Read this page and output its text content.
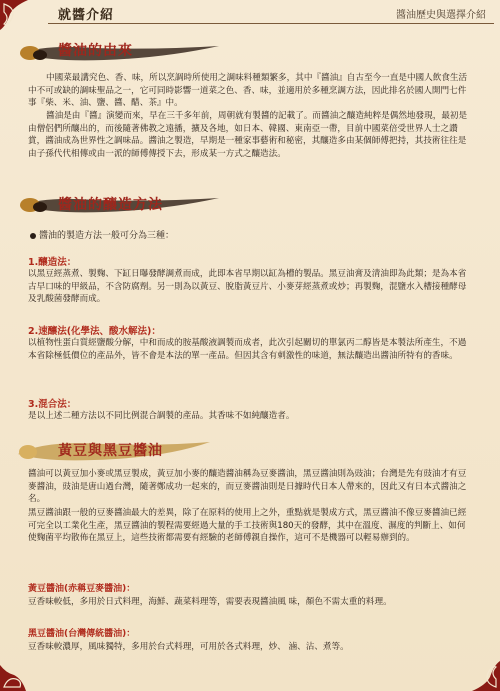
就醬介紹	醬油歷史與選擇介紹
醬油的由來

中國菜最講究色、香、味，所以烹調時所使用之調味料種類繁多，其中『醬油』自古至今一直是中國人飲食生活中不可或缺的調味聖品之一，它可同時影響一道菜之色、香、味，並適用於多種烹調方法，因此排名於國人開門七件事『柴、米、油、鹽、醬、醋、茶』中。

醬油是由『醬』演變而來，早在三千多年前，周朝就有製醬的記載了。而醬油之釀造純粹是偶然地發現，最初是由僧侶們所釀出的，而後隨著佛教之遠播，擴及各地，如日本、韓國、東南亞一帶，目前中國菜倍受世界人士之讚賞，醬油成為世界性之調味品。醬油之製造，早期是一種家事藝術和秘密，其釀造多由某個師傅把持，其技術往往是由子孫代代相傳或由一派的師傅傳授下去，形成某一方式之釀造法。

醬油的釀造方法
醬油的製造方法一般可分為三種：
1.釀造法：

以黑豆經蒸煮、製麴、下缸日曝發酵調煮而成，此即本省早期以缸為槽的製品。黑豆油膏及清油即為此類；是為本省古早口味的甲級品，不含防腐劑。另一則為以黃豆、脫脂黃豆片、小麥芽經蒸煮或炒；再製麴，混鹽水入槽接種酵母及乳酸菌發酵而成。

2.速釀法(化學法、酸水解法)：

以植物性蛋白質經鹽酸分解，中和而成的胺基酸液調製而成者，此次引起關切的單氯丙二醇皆是本製法所產生，不過本省除極低價位的產品外，皆不會是本法的單一產品。但因其含有刺激性的味道，無法釀造出醬油所特有的香味。

3.混合法：

是以上述二種方法以不同比例混合調製的產品。其香味不如純釀造者。

黃豆與黑豆醬油

醬油可以黃豆加小麥或黑豆製成，黃豆加小麥的釀造醬油稱為豆麥醬油，黑豆醬油則為豉油；台灣是先有豉油才有豆麥醬油，豉油是唐山過台灣，隨著鄭成功一起來的，而豆麥醬油則是日據時代日本人帶來的，因此又有日本式醬油之名。

黑豆醬油跟一般的豆麥醬油最大的差異，除了在原料的使用上之外，重點就是製成方式，黑豆醬油不像豆麥醬油已經可完全以工業化生產，黑豆醬油的製程需要經過大量的手工技術與180天的發酵，其中在溫度、濕度的判斷上、如何使麴菌平均散佈在黑豆上，這些技術都需要有經驗的老師傅親自操作，這可不是機器可以輕易辦到的。

黃豆醬油(赤稱豆麥醬油)：

豆香味較低，多用於日式料理，海鮮、蔬菜料理等，需要表現醬油風 味，顏色不需太重的料理。

黑豆醬油(台灣傳統醬油)：

豆香味較濃厚，風味獨特，多用於台式料理，可用於各式料理，炒、 滷、沾、煮等。
